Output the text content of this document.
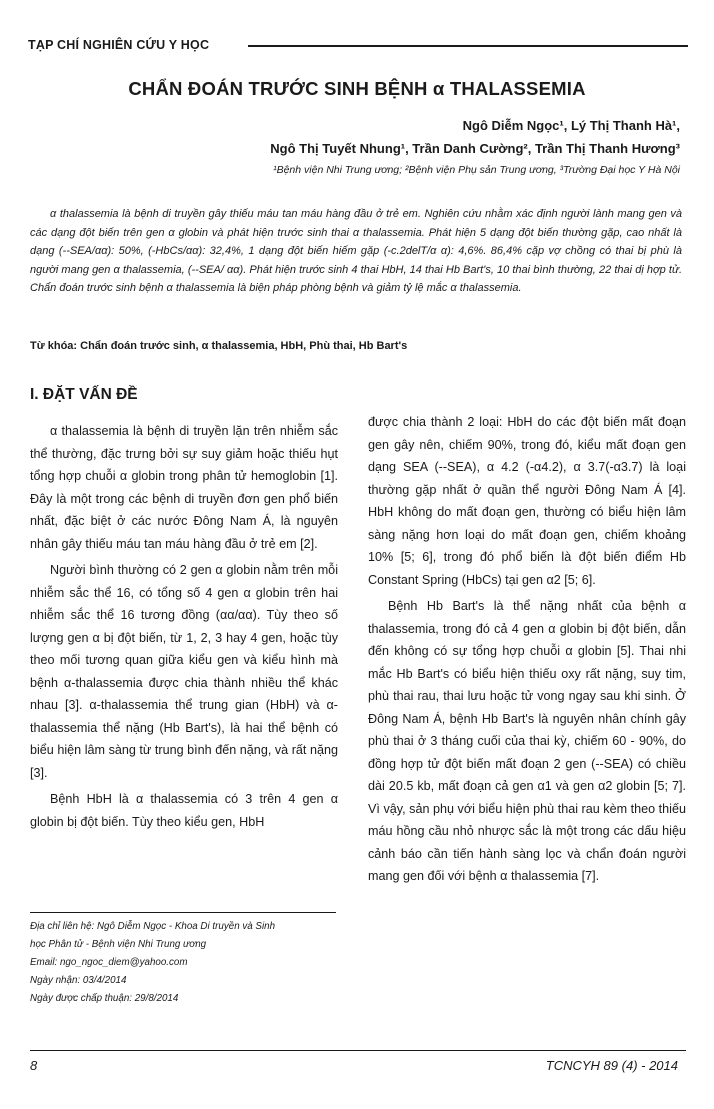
TẠP CHÍ NGHIÊN CỨU Y HỌC
CHẨN ĐOÁN TRƯỚC SINH BỆNH α THALASSEMIA
Ngô Diễm Ngọc¹, Lý Thị Thanh Hà¹,
Ngô Thị Tuyết Nhung¹, Trần Danh Cường², Trần Thị Thanh Hương³
¹Bệnh viện Nhi Trung ương; ²Bệnh viện Phụ sản Trung ương, ³Trường Đại học Y Hà Nội

α thalassemia là bệnh di truyền gây thiếu máu tan máu hàng đầu ở trẻ em. Nghiên cứu nhằm xác định người lành mang gen và các dạng đột biến trên gen α globin và phát hiện trước sinh thai α thalassemia. Phát hiện 5 dạng đột biến thường gặp, cao nhất là dạng (--SEA/αα): 50%, (-HbCs/αα): 32,4%, 1 dạng đột biến hiếm gặp (-c.2delT/α α): 4,6%. 86,4% cặp vợ chồng có thai bị phù là người mang gen α thalassemia, (--SEA/ αα). Phát hiện trước sinh 4 thai HbH, 14 thai Hb Bart's, 10 thai bình thường, 22 thai dị hợp tử. Chẩn đoán trước sinh bệnh α thalassemia là biện pháp phòng bệnh và giảm tỷ lệ mắc α thalassemia.

Từ khóa: Chẩn đoán trước sinh, α thalassemia, HbH, Phù thai, Hb Bart's
I. ĐẶT VẤN ĐỀ

α thalassemia là bệnh di truyền lặn trên nhiễm sắc thể thường, đặc trưng bởi sự suy giảm hoặc thiếu hụt tổng hợp chuỗi α globin trong phân tử hemoglobin [1]. Đây là một trong các bệnh di truyền đơn gen phổ biến nhất, đặc biệt ở các nước Đông Nam Á, là nguyên nhân gây thiếu máu tan máu hàng đầu ở trẻ em [2].

Người bình thường có 2 gen α globin nằm trên mỗi nhiễm sắc thể 16, có tổng số 4 gen α globin trên hai nhiễm sắc thể 16 tương đồng (αα/αα). Tùy theo số lượng gen α bị đột biến, từ 1, 2, 3 hay 4 gen, hoặc tùy theo mối tương quan giữa kiểu gen và kiểu hình mà bệnh α-thalassemia được chia thành nhiều thể khác nhau [3]. α-thalassemia thể trung gian (HbH) và α-thalassemia thể nặng (Hb Bart's), là hai thể bệnh có biểu hiện lâm sàng từ trung bình đến nặng, và rất nặng [3].

Bệnh HbH là α thalassemia có 3 trên 4 gen α globin bị đột biến. Tùy theo kiểu gen, HbH

được chia thành 2 loại: HbH do các đột biến mất đoạn gen gây nên, chiếm 90%, trong đó, kiểu mất đoạn gen dạng SEA (--SEA), α 4.2 (-α4.2), α 3.7(-α3.7) là loại thường gặp nhất ở quần thể người Đông Nam Á [4]. HbH không do mất đoạn gen, thường có biểu hiện lâm sàng nặng hơn loại do mất đoạn gen, chiếm khoảng 10% [5; 6], trong đó phổ biến là đột biến điểm Hb Constant Spring (HbCs) tại gen α2 [5; 6].

Bệnh Hb Bart's là thể nặng nhất của bệnh α thalassemia, trong đó cả 4 gen α globin bị đột biến, dẫn đến không có sự tổng hợp chuỗi α globin [5]. Thai nhi mắc Hb Bart's có biểu hiện thiếu oxy rất nặng, suy tim, phù thai rau, thai lưu hoặc tử vong ngay sau khi sinh. Ở Đông Nam Á, bệnh Hb Bart's là nguyên nhân chính gây phù thai ở 3 tháng cuối của thai kỳ, chiếm 60 - 90%, do đồng hợp tử đột biến mất đoạn 2 gen (--SEA) có chiều dài 20.5 kb, mất đoạn cả gen α1 và gen α2 globin [5; 7]. Vì vậy, sản phụ với biểu hiện phù thai rau kèm theo thiếu máu hồng cầu nhỏ nhược sắc là một trong các dấu hiệu cảnh báo cần tiến hành sàng lọc và chẩn đoán người mang gen đối với bệnh α thalassemia [7].

Địa chỉ liên hệ: Ngô Diễm Ngọc - Khoa Di truyền và Sinh
học Phân tử - Bệnh viện Nhi Trung ương
Email: ngo_ngoc_diem@yahoo.com
Ngày nhận: 03/4/2014
Ngày được chấp thuận: 29/8/2014
8	TCNCYH 89 (4) - 2014
